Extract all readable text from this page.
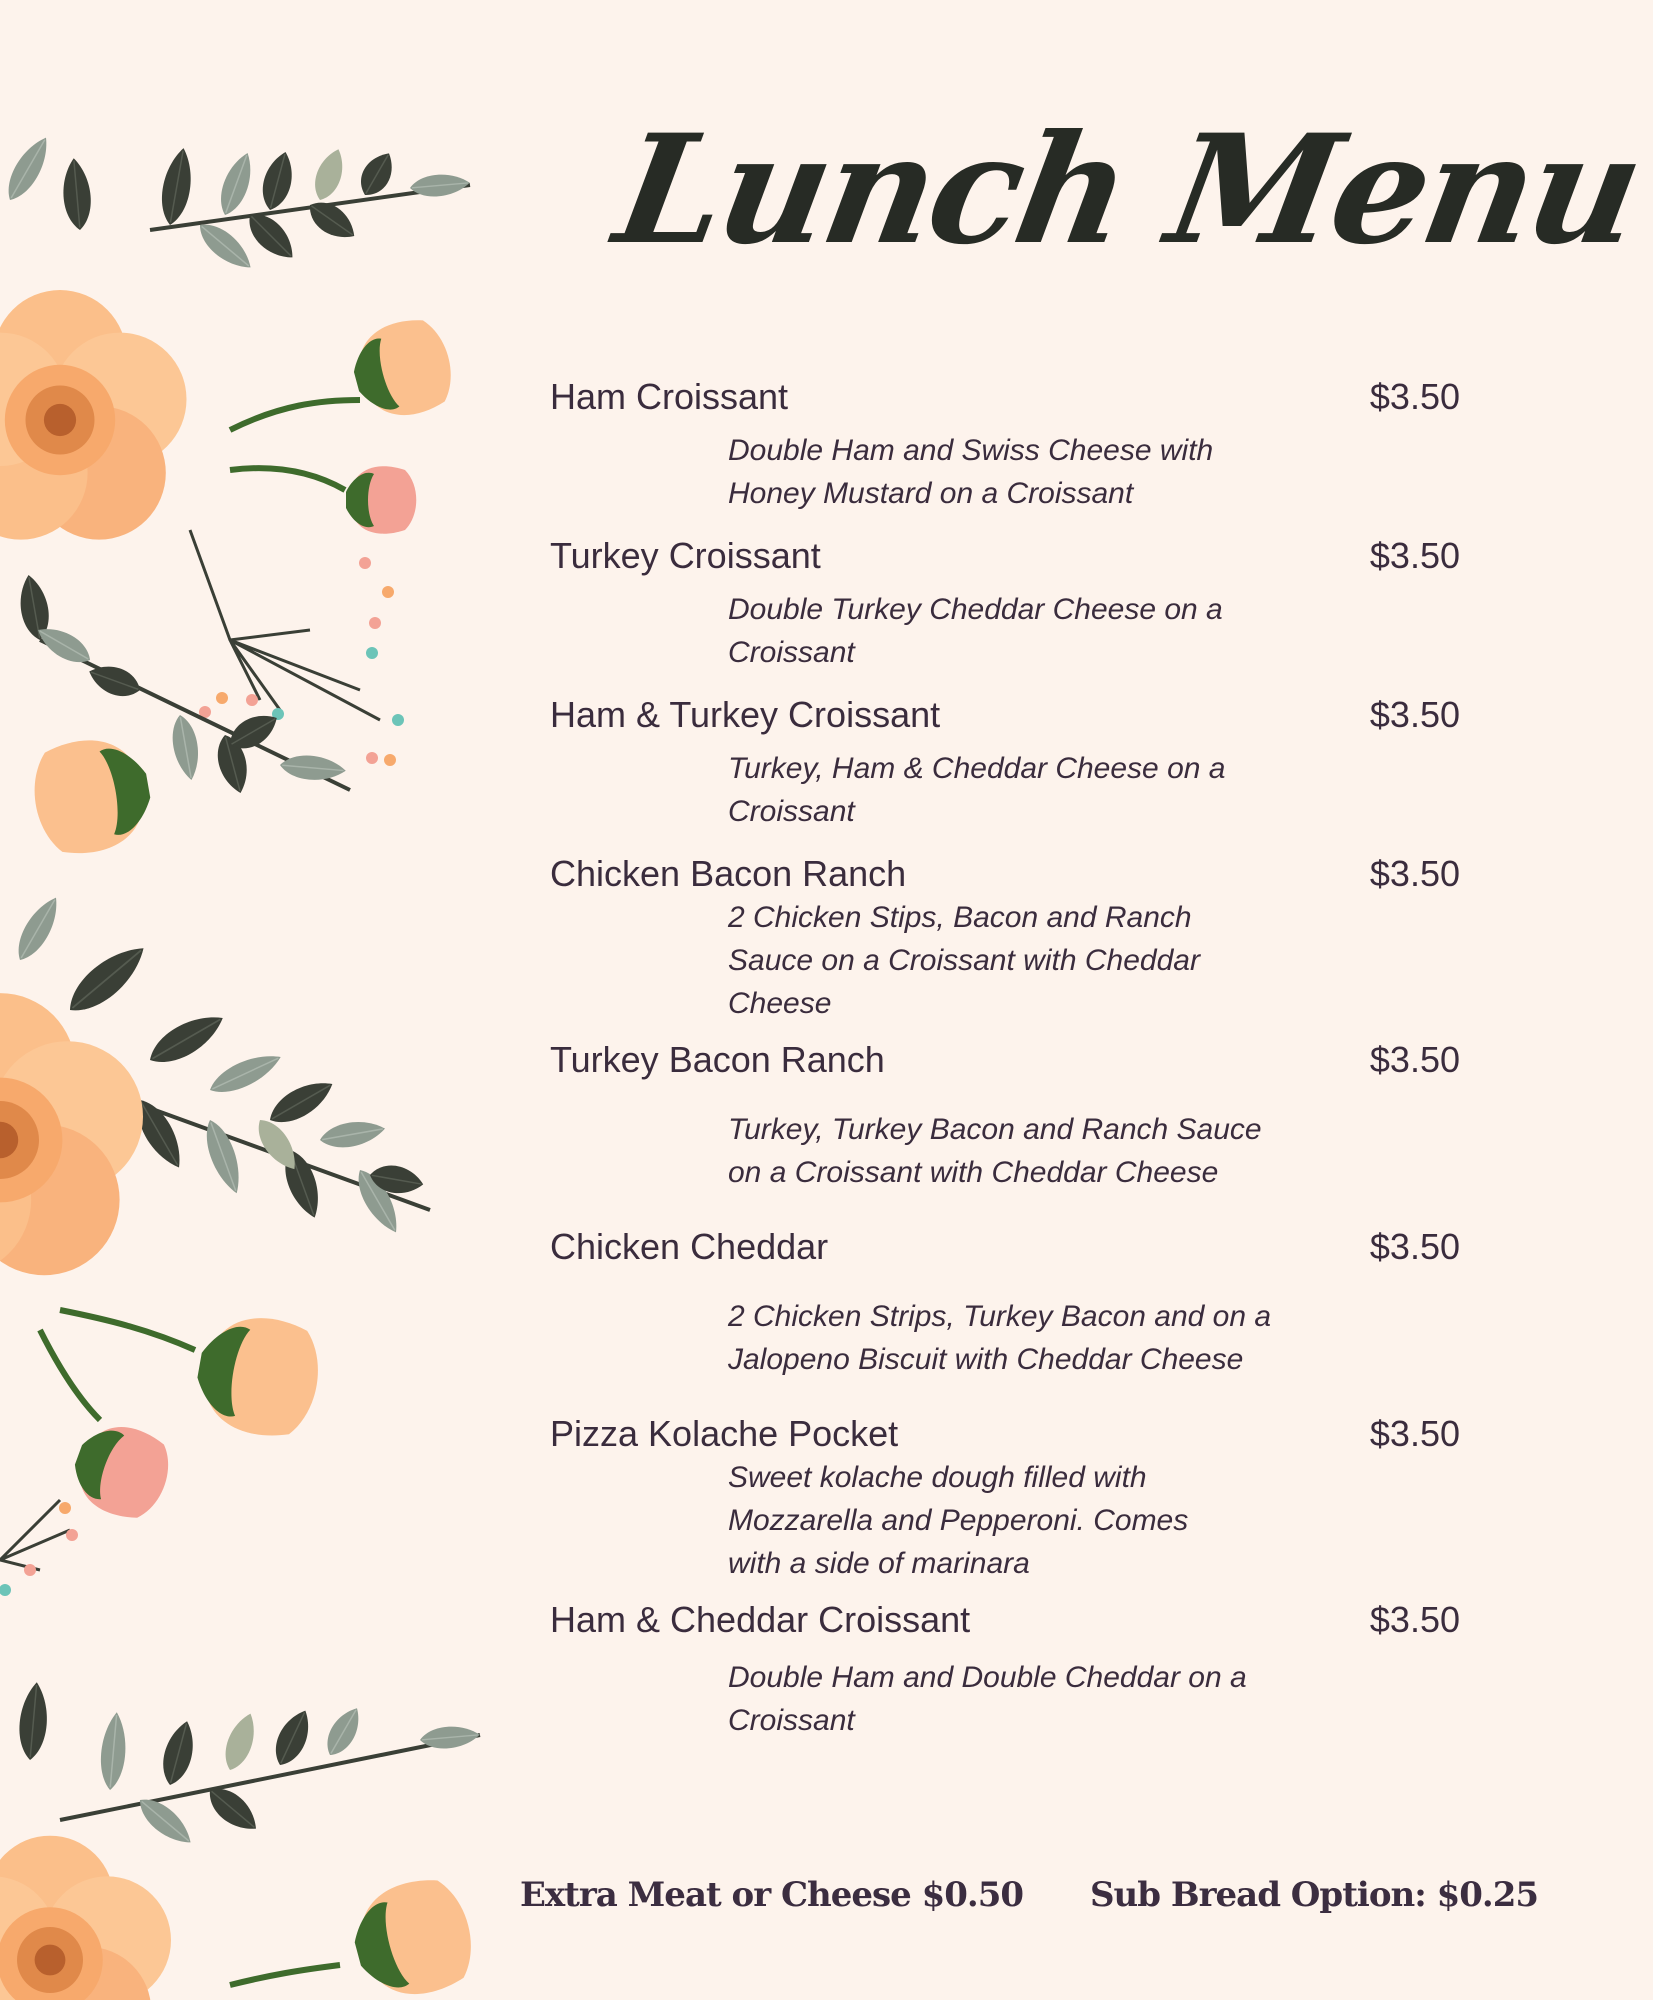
Lunch Menu
Ham Croissant	$3.50
Double Ham and Swiss Cheese with
Honey Mustard on a Croissant
Turkey Croissant	$3.50
Double Turkey Cheddar Cheese on a
Croissant
Ham & Turkey Croissant	$3.50
Turkey, Ham & Cheddar Cheese on a
Croissant
Chicken Bacon Ranch	$3.50
2 Chicken Stips, Bacon and Ranch
Sauce on a Croissant with Cheddar
Cheese
Turkey Bacon Ranch	$3.50
Turkey, Turkey Bacon and Ranch Sauce
on a Croissant with Cheddar Cheese
Chicken Cheddar	$3.50
2 Chicken Strips, Turkey Bacon and on a
Jalopeno Biscuit with Cheddar Cheese
Pizza Kolache Pocket	$3.50
Sweet kolache dough filled with
Mozzarella and Pepperoni. Comes
with a side of marinara
Ham & Cheddar Croissant	$3.50
Double Ham and Double Cheddar on a
Croissant
Extra Meat or Cheese $0.50 Sub Bread Option: $0.25
